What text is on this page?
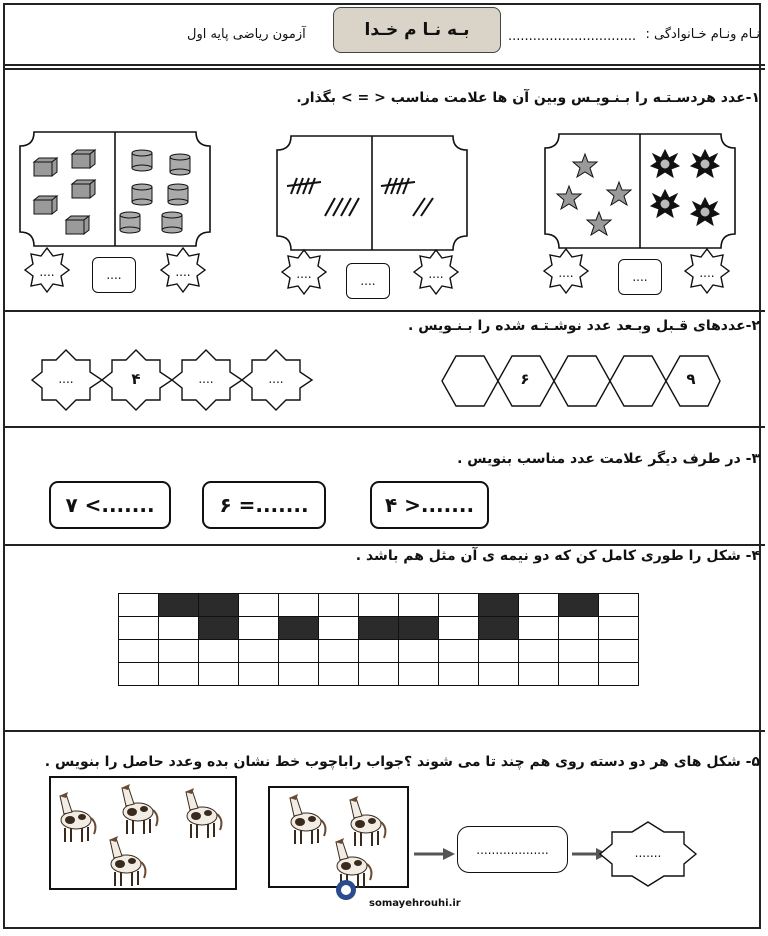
نـام ونـام خـانوادگی :
...............................
بـه نـا م خـدا
آزمون ریاضی پایه اول
۱-عدد هردسـتـه را بـنـویـس وبین آن ها علامت مناسب < = > بگذار.
....	....	....	....	....	....
....	....	....
۲-عددهای قـبل وبـعد عدد نوشـتـه شده را بـنـویس .
....	۴	....	....	۶	۹
۳- در طرف دیگر علامت عدد مناسب بنویس .
۴ >.......
۶ =.......
۷ <.......
۴- شکل را طوری کامل کن که دو نیمه ی آن مثل هم باشد .

۵- شکل های هر دو دسته روی هم چند تا می شوند ؟جواب راباچوب خط نشان بده وعدد حاصل را بنویس .
...................	.......
somayehrouhi.ir
